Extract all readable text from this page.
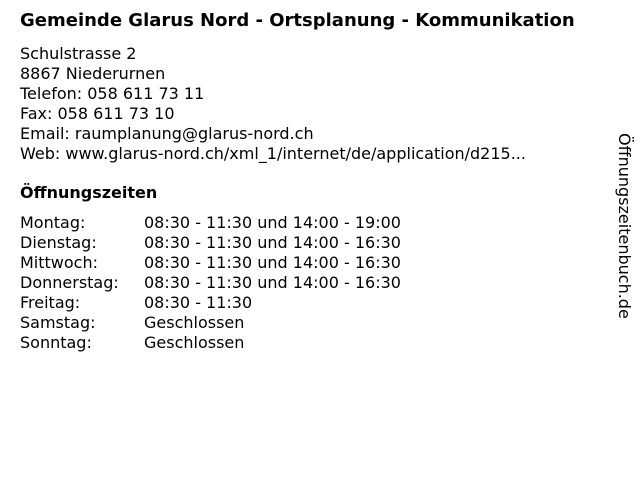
Gemeinde Glarus Nord - Ortsplanung - Kommunikation
Schulstrasse 2
8867 Niederurnen
Telefon: 058 611 73 11
Fax: 058 611 73 10
Email: raumplanung@glarus-nord.ch
Web: www.glarus-nord.ch/xml_1/internet/de/application/d215...
Öffnungszeiten
Montag:	08:30 - 11:30 und 14:00 - 19:00
Dienstag:	08:30 - 11:30 und 14:00 - 16:30
Mittwoch:	08:30 - 11:30 und 14:00 - 16:30
Donnerstag:	08:30 - 11:30 und 14:00 - 16:30
Freitag:	08:30 - 11:30
Samstag:	Geschlossen
Sonntag:	Geschlossen
Öffnungszeitenbuch.de
